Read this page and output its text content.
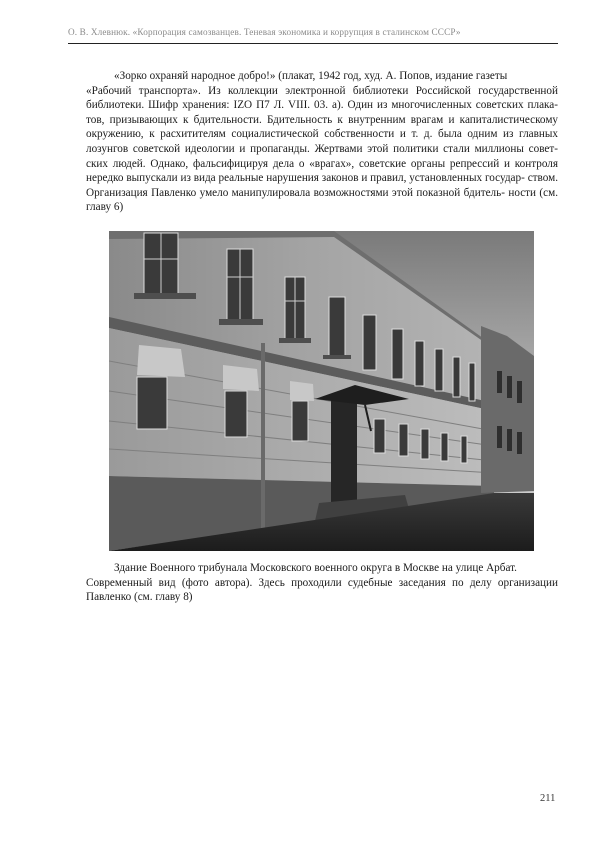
О. В. Хлевнюк. «Корпорация самозванцев. Теневая экономика и коррупция в сталинском СССР»

«Зорко охраняй народное добро!» (плакат, 1942 год, худ. А. Попов, издание газеты
«Рабочий транспорта». Из коллекции электронной библиотеки Российской государственной библиотеки. Шифр хранения: IZO П7 Л. VIII. 03. а). Один из многочисленных советских плака- тов, призывающих к бдительности. Бдительность к внутренним врагам и капиталистическому окружению, к расхитителям социалистической собственности и т. д. была одним из главных лозунгов советской идеологии и пропаганды. Жертвами этой политики стали миллионы совет- ских людей. Однако, фальсифицируя дела о «врагах», советские органы репрессий и контроля нередко выпускали из вида реальные нарушения законов и правил, установленных государ- ством. Организация Павленко умело манипулировала возможностями этой показной бдитель- ности (см. главу 6)

Здание Военного трибунала Московского военного округа в Москве на улице Арбат.
Современный вид (фото автора). Здесь проходили судебные заседания по делу организации Павленко (см. главу 8)

211
